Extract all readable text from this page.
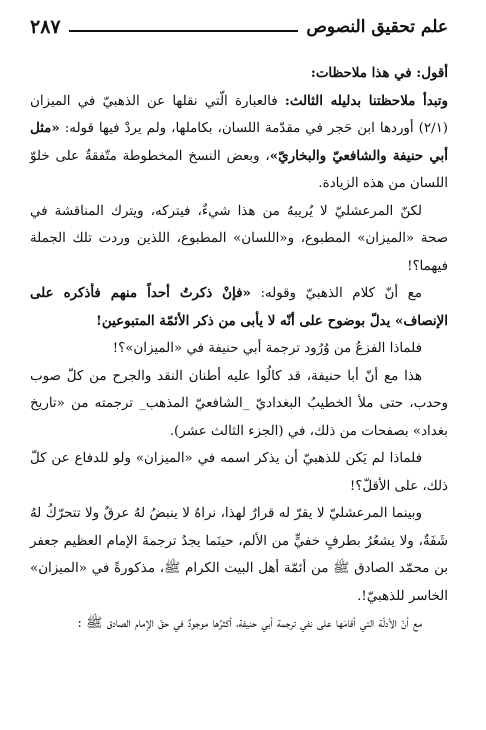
علم تحقيق النصوص
٢٨٧

أقول: في هذا ملاحظات:

وتبدأ ملاحظتنا بدليله الثالث: فالعبارة الّتي نقلها عن الذهبيّ في الميزان (٢/١) أوردها ابن حَجر في مقدّمة اللسان، بكاملها، ولم يردْ فيها قوله: «مثل أبي حنيفة والشافعيّ والبخاريّ»، وبعض النسخ المخطوطة متّفقةٌ على خلوّ اللسان من هذه الزيادة.

لكنّ المرعشليّ لا يُريبهُ من هذا شيءٌ، فيتركه، ويترك المناقشة في صحة «الميزان» المطبوع، و«اللسان» المطبوع، اللذين وردت تلك الجملة فيهما؟!

مع أنّ كلام الذهبيّ وقوله: «فإنْ ذكرتُ أحداً منهم فأذكره على الإنصاف» يدلّ بوضوح على أنّه لا يأبى من ذكر الأئمّة المتبوعين!

فلماذا الفزعُ من وُرُود ترجمة أبي حنيفة في «الميزان»؟!

هذا مع أنّ أبا حنيفة، قد كالُوا عليه أطنان النقد والجرح من كلّ صوب وحدب، حتى ملأ الخطيبُ البغداديّ _الشافعيّ المذهب_ ترجمته من «تاريخ بغداد» بصفحات من ذلك، في (الجزء الثالث عشر).

فلماذا لم يَكن للذهبيّ أن يذكر اسمه في «الميزان» ولو للدفاع عن كلّ ذلك، على الأقلّ؟!

وبينما المرعشليّ لا يقرّ له قرارٌ لهذا، نراهُ لا ينبضُ لهُ عرقٌ ولا تتحرّكُ لهُ شَفَةٌ، ولا يشعُرُ بطرفٍ خفيٍّ من الألم، حينَما يجدُ ترجمةَ الإمام العظيم جعفر بن محمّد الصادق ﷺ من أئمّة أهل البيت الكرام ﷺ، مذكورةً في «الميزان» الخاسر للذهبيّ!.

مع أنّ الأدلّة التي أقامَها على نفي ترجمة أبي حنيفة، أكثرُها موجودٌ في حقّ الإمام الصادق ﷺ :
